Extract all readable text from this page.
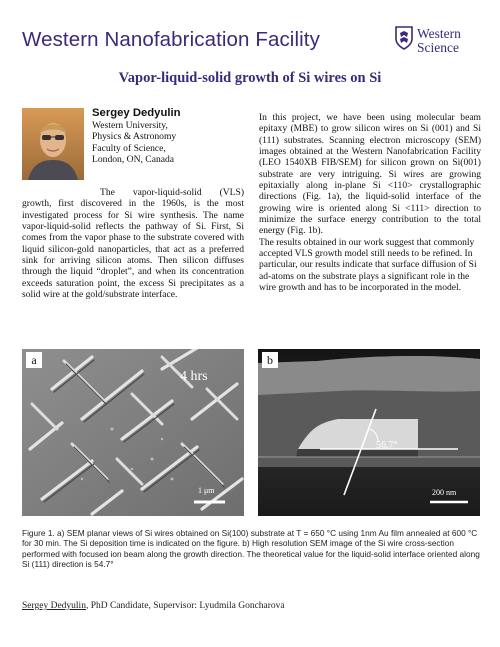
Western Nanofabrication Facility	Western
Science
Vapor-liquid-solid growth of Si wires on Si
Sergey Dedyulin
Western University,
Physics & Astronomy
Faculty of Science,
London, ON, Canada
The vapor-liquid-solid (VLS) growth, first discovered in the 1960s, is the most investigated process for Si wire synthesis. The name vapor-liquid-solid reflects the pathway of Si. First, Si comes from the vapor phase to the substrate covered with liquid silicon-gold nanoparticles, that act as a preferred sink for arriving silicon atoms. Then silicon diffuses through the liquid “droplet”, and when its concentration exceeds saturation point, the excess Si precipitates as a solid wire at the gold/substrate interface.

In this project, we have been using molecular beam epitaxy (MBE) to grow silicon wires on Si (001) and Si (111) substrates. Scanning electron microscopy (SEM) images obtained at the Western Nanofabrication Facility (LEO 1540XB FIB/SEM) for silicon grown on Si(001) substrate are very intriguing. Si wires are growing epitaxially along in-plane Si <110> crystallographic directions (Fig. 1a), the liquid-solid interface of the growing wire is oriented along Si <111> direction to minimize the surface energy contribution to the total energy (Fig. 1b).

The results obtained in our work suggest that commonly accepted VLS growth model still needs to be refined. In particular, our results indicate that surface diffusion of Si ad-atoms on the substrate plays a significant role in the wire growth and has to be incorporated in the model.

a
4 hrs
1 μm
b
56.7°
200 nm
Figure 1. a) SEM planar views of Si wires obtained on Si(100) substrate at T = 650 °C using 1nm Au film annealed at 600 °C for 30 min. The Si deposition time is indicated on the figure. b) High resolution SEM image of the Si wire cross-section performed with focused ion beam along the growth direction. The theoretical value for the liquid-solid interface oriented along Si (111) direction is 54.7°
Sergey Dedyulin, PhD Candidate, Supervisor: Lyudmila Goncharova
